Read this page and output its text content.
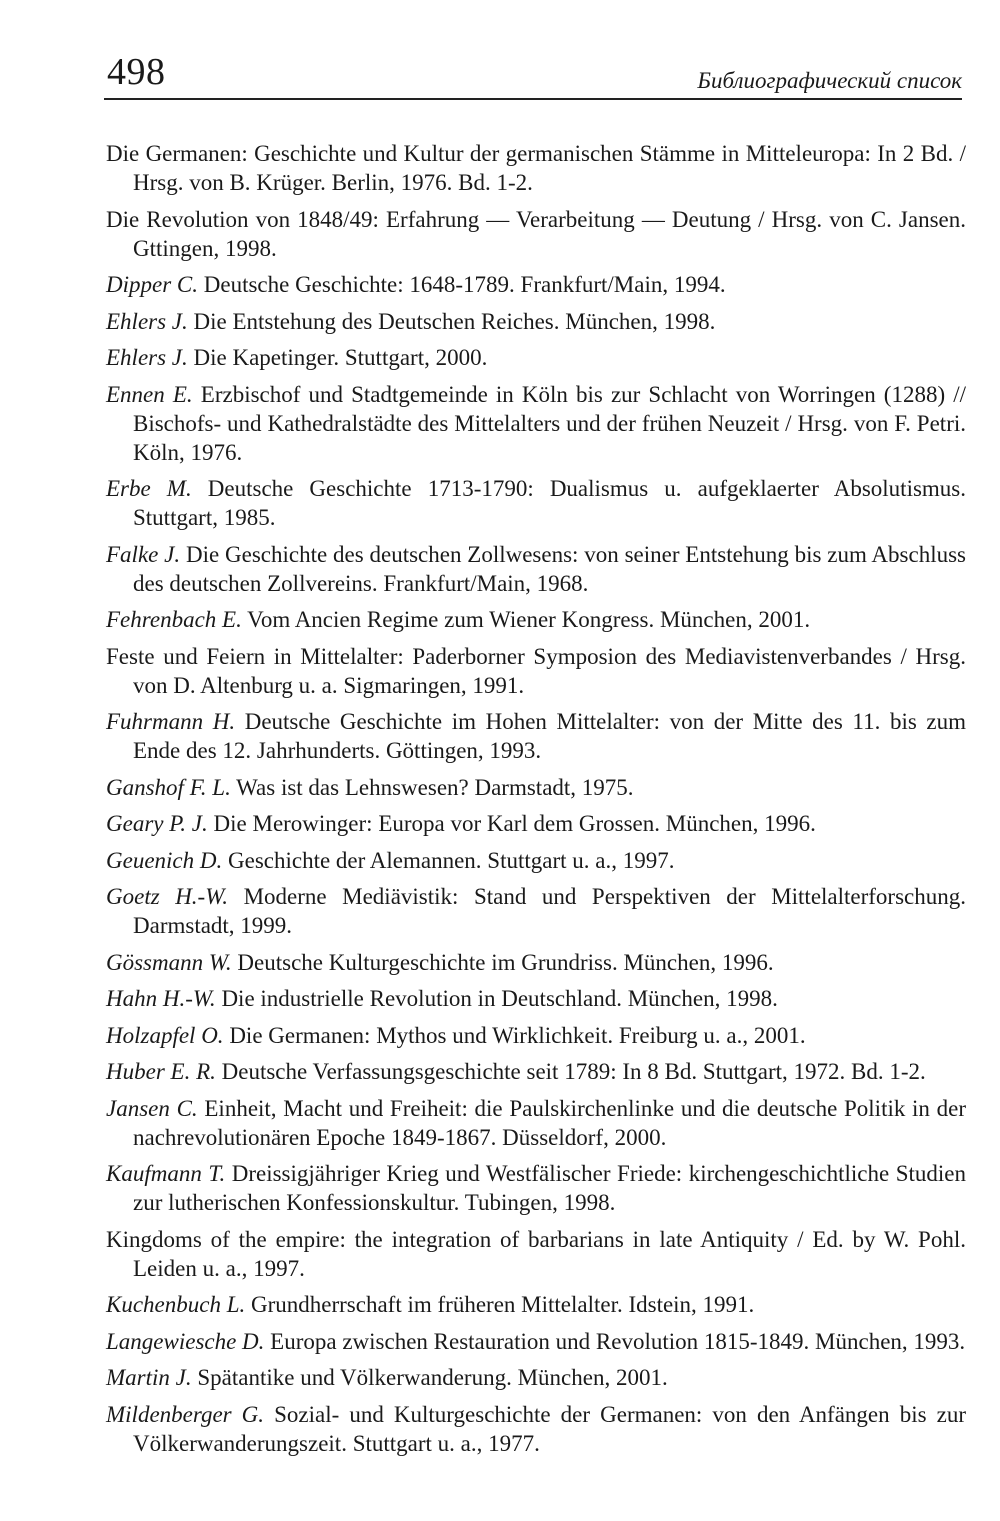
498	Библиографический список
Die Germanen: Geschichte und Kultur der germanischen Stämme in Mitteleuropa: In 2 Bd. / Hrsg. von B. Krüger. Berlin, 1976. Bd. 1-2.
Die Revolution von 1848/49: Erfahrung — Verarbeitung — Deutung / Hrsg. von C. Jansen. Gttingen, 1998.
Dipper C. Deutsche Geschichte: 1648-1789. Frankfurt/Main, 1994.
Ehlers J. Die Entstehung des Deutschen Reiches. München, 1998.
Ehlers J. Die Kapetinger. Stuttgart, 2000.
Ennen E. Erzbischof und Stadtgemeinde in Köln bis zur Schlacht von Worringen (1288) // Bischofs- und Kathedralstädte des Mittelalters und der frühen Neuzeit / Hrsg. von F. Petri. Köln, 1976.
Erbe M. Deutsche Geschichte 1713-1790: Dualismus u. aufgeklaerter Absolutismus. Stuttgart, 1985.
Falke J. Die Geschichte des deutschen Zollwesens: von seiner Entstehung bis zum Abschluss des deutschen Zollvereins. Frankfurt/Main, 1968.
Fehrenbach E. Vom Ancien Regime zum Wiener Kongress. München, 2001.
Feste und Feiern in Mittelalter: Paderborner Symposion des Mediavistenverbandes / Hrsg. von D. Altenburg u. a. Sigmaringen, 1991.
Fuhrmann H. Deutsche Geschichte im Hohen Mittelalter: von der Mitte des 11. bis zum Ende des 12. Jahrhunderts. Göttingen, 1993.
Ganshof F. L. Was ist das Lehnswesen? Darmstadt, 1975.
Geary P. J. Die Merowinger: Europa vor Karl dem Grossen. München, 1996.
Geuenich D. Geschichte der Alemannen. Stuttgart u. a., 1997.
Goetz H.-W. Moderne Mediävistik: Stand und Perspektiven der Mittelalterforschung. Darmstadt, 1999.
Gössmann W. Deutsche Kulturgeschichte im Grundriss. München, 1996.
Hahn H.-W. Die industrielle Revolution in Deutschland. München, 1998.
Holzapfel O. Die Germanen: Mythos und Wirklichkeit. Freiburg u. a., 2001.
Huber E. R. Deutsche Verfassungsgeschichte seit 1789: In 8 Bd. Stuttgart, 1972. Bd. 1-2.
Jansen C. Einheit, Macht und Freiheit: die Paulskirchenlinke und die deutsche Politik in der nachrevolutionären Epoche 1849-1867. Düsseldorf, 2000.
Kaufmann T. Dreissigjähriger Krieg und Westfälischer Friede: kirchengeschichtliche Studien zur lutherischen Konfessionskultur. Tubingen, 1998.
Kingdoms of the empire: the integration of barbarians in late Antiquity / Ed. by W. Pohl. Leiden u. a., 1997.
Kuchenbuch L. Grundherrschaft im früheren Mittelalter. Idstein, 1991.
Langewiesche D. Europa zwischen Restauration und Revolution 1815-1849. München, 1993.
Martin J. Spätantike und Völkerwanderung. München, 2001.
Mildenberger G. Sozial- und Kulturgeschichte der Germanen: von den Anfängen bis zur Völkerwanderungszeit. Stuttgart u. a., 1977.
